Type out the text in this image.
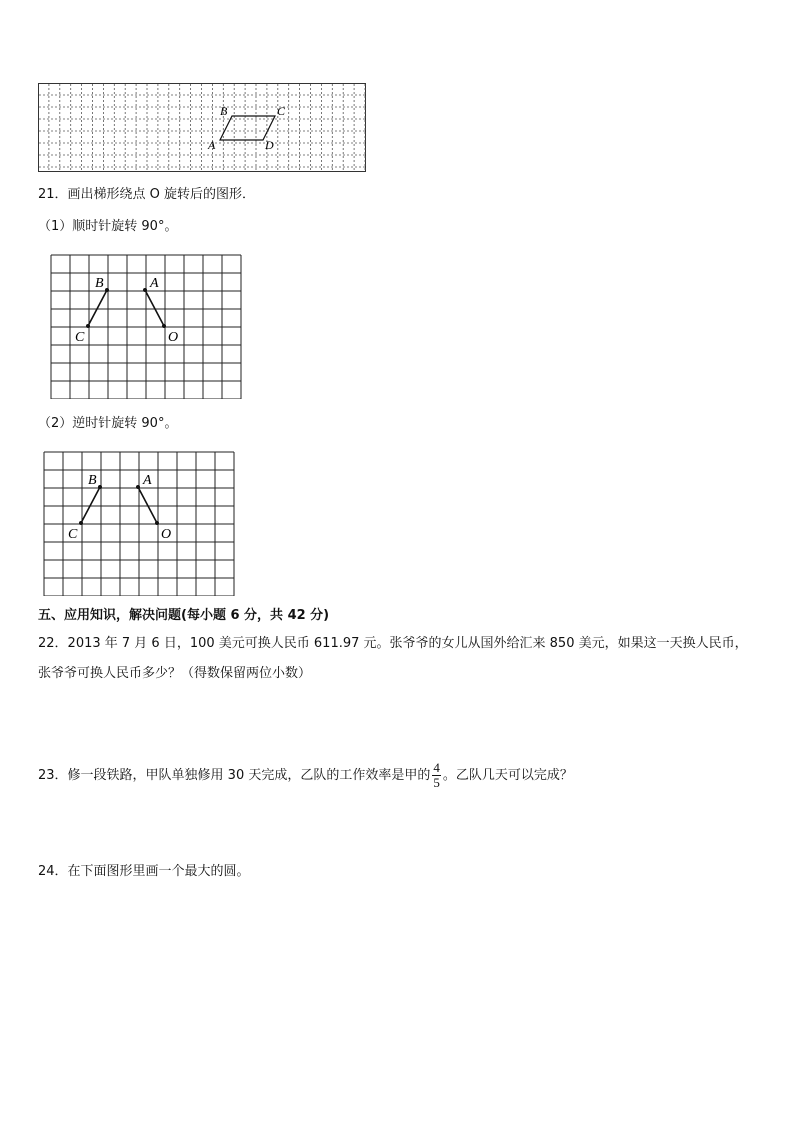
B	C
A	D
21．画出梯形绕点 O 旋转后的图形．
（1）顺时针旋转 90°。
B	A
C	O
（2）逆时针旋转 90°。
B	A
C	O
五、应用知识，解决问题(每小题 6 分，共 42 分)
22．2013 年 7 月 6 日，100 美元可换人民币 611.97 元。张爷爷的女儿从国外给汇来 850 美元，如果这一天换人民币，
张爷爷可换人民币多少？（得数保留两位小数）
23．修一段铁路，甲队单独修用 30 天完成，乙队的工作效率是甲的 $\frac{4}{5}$ 。乙队几天可以完成？
24．在下面图形里画一个最大的圆。
